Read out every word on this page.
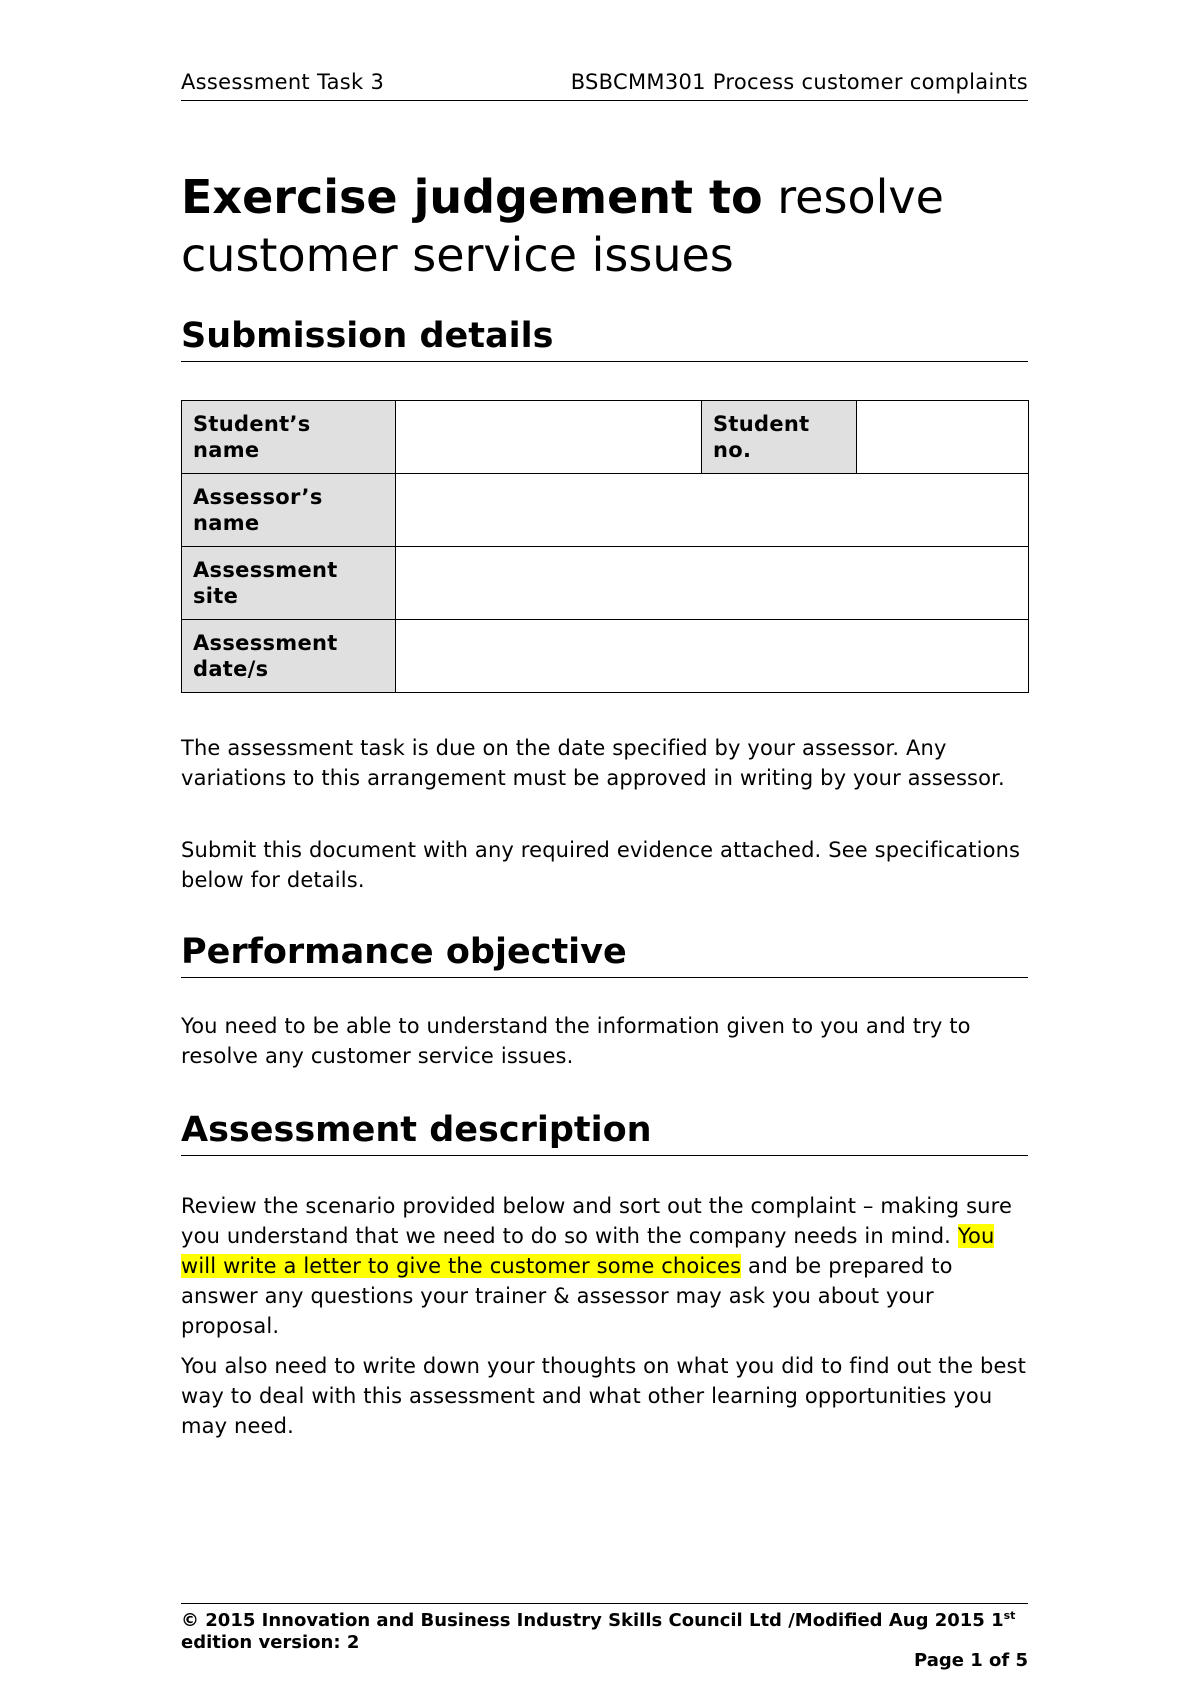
Assessment Task 3	BSBCMM301 Process customer complaints
Exercise judgement to resolve customer service issues
Submission details
Student’s name		Student no.	
Assessor’s name			
Assessment site			
Assessment date/s			

The assessment task is due on the date specified by your assessor. Any variations to this arrangement must be approved in writing by your assessor.

Submit this document with any required evidence attached. See specifications below for details.

Performance objective

You need to be able to understand the information given to you and try to resolve any customer service issues.

Assessment description

Review the scenario provided below and sort out the complaint – making sure you understand that we need to do so with the company needs in mind. You will write a letter to give the customer some choices and be prepared to answer any questions your trainer & assessor may ask you about your proposal.

You also need to write down your thoughts on what you did to find out the best way to deal with this assessment and what other learning opportunities you may need.

© 2015 Innovation and Business Industry Skills Council Ltd /Modified Aug 2015 1st edition version: 2
Page 1 of 5
